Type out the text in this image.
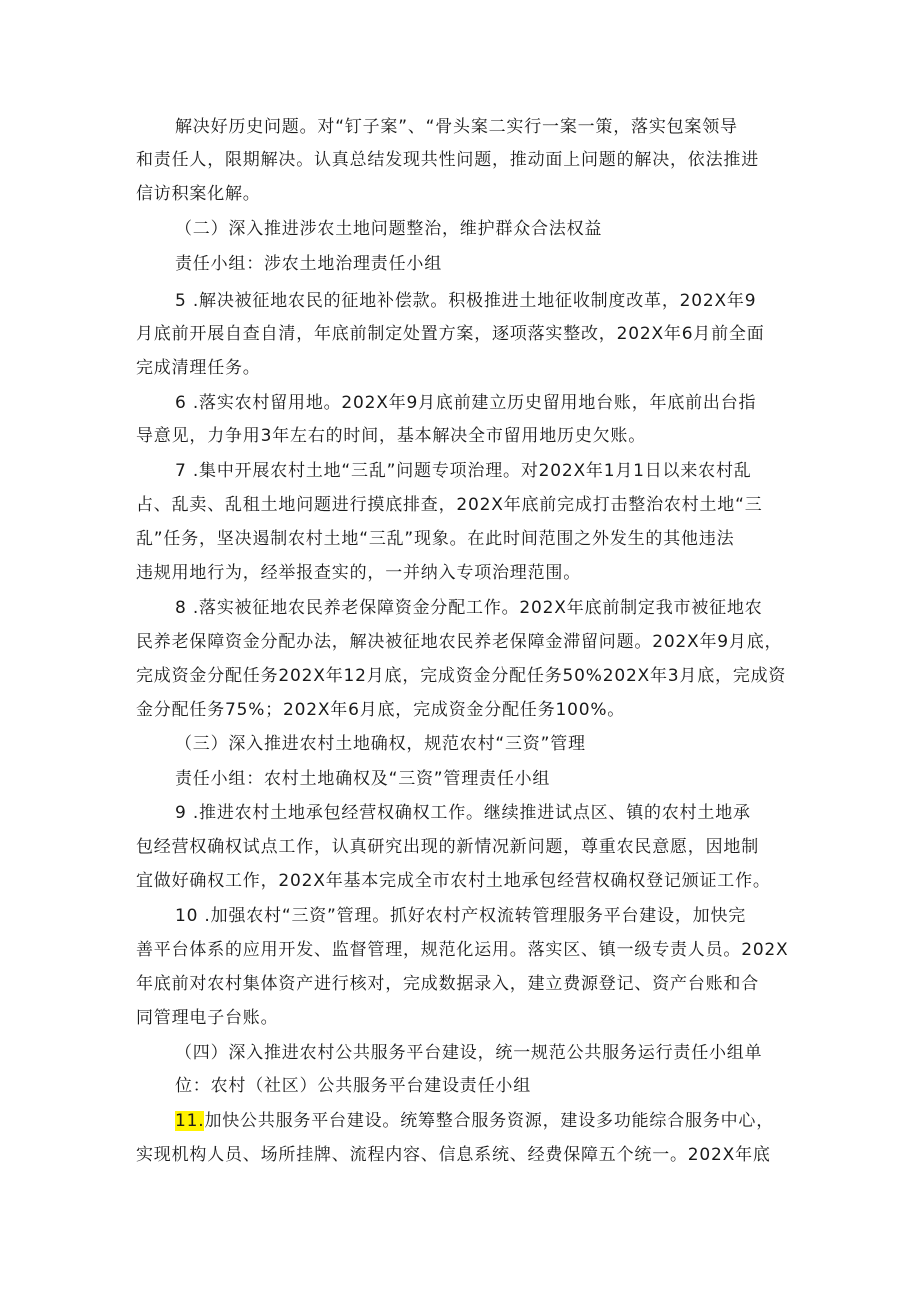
解决好历史问题。对“钉子案”、“骨头案二实行一案一策，落实包案领导
和责任人，限期解决。认真总结发现共性问题，推动面上问题的解决，依法推进
信访积案化解。
（二）深入推进涉农土地问题整治，维护群众合法权益
责任小组：涉农土地治理责任小组
5 .解决被征地农民的征地补偿款。积极推进土地征收制度改革，202X年9
月底前开展自查自清，年底前制定处置方案，逐项落实整改，202X年6月前全面
完成清理任务。
6 .落实农村留用地。202X年9月底前建立历史留用地台账，年底前出台指
导意见，力争用3年左右的时间，基本解决全市留用地历史欠账。
7 .集中开展农村土地“三乱”问题专项治理。对202X年1月1日以来农村乱
占、乱卖、乱租土地问题进行摸底排查，202X年底前完成打击整治农村土地“三
乱”任务，坚决遏制农村土地“三乱”现象。在此时间范围之外发生的其他违法
违规用地行为，经举报查实的，一并纳入专项治理范围。
8 .落实被征地农民养老保障资金分配工作。202X年底前制定我市被征地农
民养老保障资金分配办法，解决被征地农民养老保障金滞留问题。202X年9月底，
完成资金分配任务202X年12月底，完成资金分配任务50%202X年3月底，完成资
金分配任务75%；202X年6月底，完成资金分配任务100%。
（三）深入推进农村土地确权，规范农村“三资”管理
责任小组：农村土地确权及“三资”管理责任小组
9 .推进农村土地承包经营权确权工作。继续推进试点区、镇的农村土地承
包经营权确权试点工作，认真研究出现的新情况新问题，尊重农民意愿，因地制
宜做好确权工作，202X年基本完成全市农村土地承包经营权确权登记颁证工作。
10 .加强农村“三资”管理。抓好农村产权流转管理服务平台建设，加快完
善平台体系的应用开发、监督管理，规范化运用。落实区、镇一级专责人员。202X
年底前对农村集体资产进行核对，完成数据录入，建立费源登记、资产台账和合
同管理电子台账。
（四）深入推进农村公共服务平台建设，统一规范公共服务运行责任小组单
位：农村（社区）公共服务平台建设责任小组
11.加快公共服务平台建设。统筹整合服务资源，建设多功能综合服务中心，
实现机构人员、场所挂牌、流程内容、信息系统、经费保障五个统一。202X年底
